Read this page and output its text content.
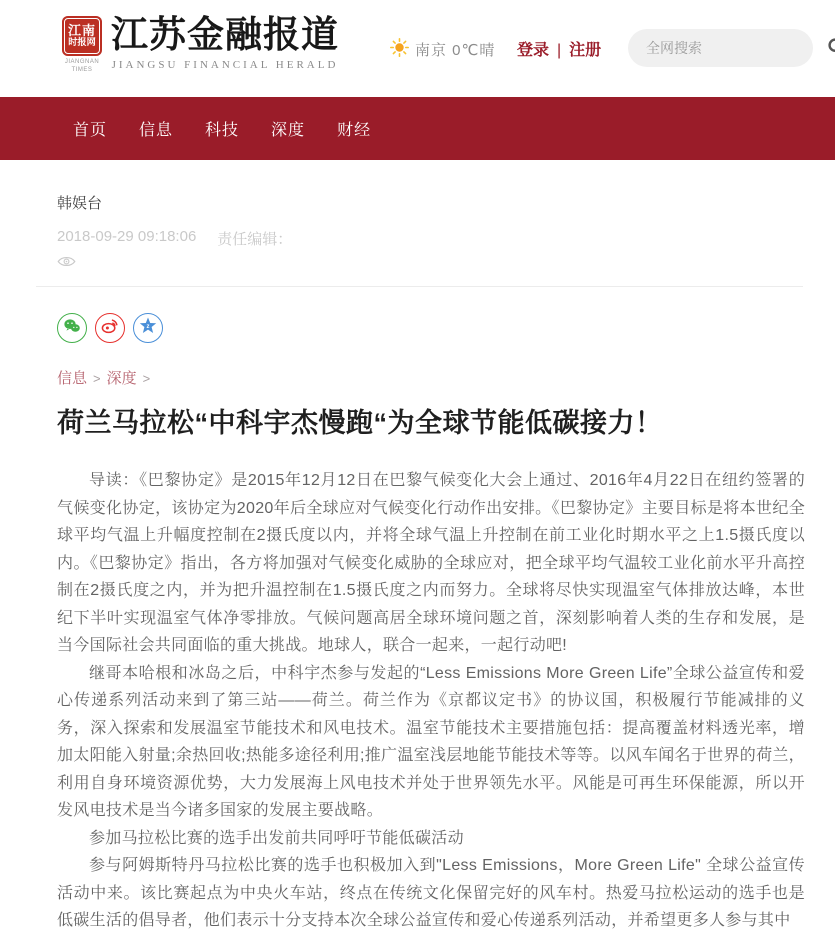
江南
时报网
JIANGNAN
TIMES
江苏金融报道
JIANGSU FINANCIAL HERALD
南京 0℃晴 登录 | 注册
全网搜索
首页	信息	科技	深度	财经
韩娱台
2018-09-29 09:18:06 责任编辑：
z
信息 > 深度 >
荷兰马拉松“中科宇杰慢跑“为全球节能低碳接力！

导读：《巴黎协定》是2015年12月12日在巴黎气候变化大会上通过、2016年4月22日在纽约签署的气候变化协定，该协定为2020年后全球应对气候变化行动作出安排。《巴黎协定》主要目标是将本世纪全球平均气温上升幅度控制在2摄氏度以内，并将全球气温上升控制在前工业化时期水平之上1.5摄氏度以内。《巴黎协定》指出，各方将加强对气候变化威胁的全球应对，把全球平均气温较工业化前水平升高控制在2摄氏度之内，并为把升温控制在1.5摄氏度之内而努力。全球将尽快实现温室气体排放达峰，本世纪下半叶实现温室气体净零排放。气候问题高居全球环境问题之首，深刻影响着人类的生存和发展，是当今国际社会共同面临的重大挑战。地球人，联合一起来，一起行动吧!

继哥本哈根和冰岛之后，中科宇杰参与发起的“Less Emissions More Green Life”全球公益宣传和爱心传递系列活动来到了第三站——荷兰。荷兰作为《京都议定书》的协议国，积极履行节能减排的义务，深入探索和发展温室节能技术和风电技术。温室节能技术主要措施包括：提高覆盖材料透光率，增加太阳能入射量;余热回收;热能多途径利用;推广温室浅层地能节能技术等等。以风车闻名于世界的荷兰，利用自身环境资源优势，大力发展海上风电技术并处于世界领先水平。风能是可再生环保能源，所以开发风电技术是当今诸多国家的发展主要战略。

参加马拉松比赛的选手出发前共同呼吁节能低碳活动

参与阿姆斯特丹马拉松比赛的选手也积极加入到"Less Emissions，More Green Life" 全球公益宣传活动中来。该比赛起点为中央火车站，终点在传统文化保留完好的风车村。热爱马拉松运动的选手也是低碳生活的倡导者，他们表示十分支持本次全球公益宣传和爱心传递系列活动，并希望更多人参与其中
